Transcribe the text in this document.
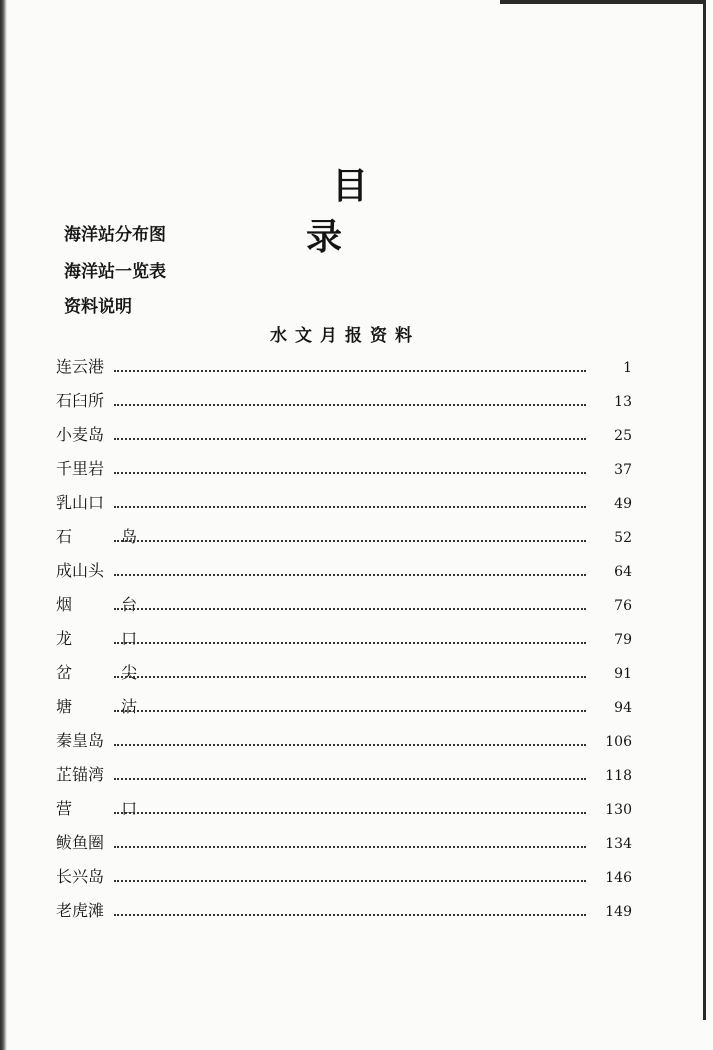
目　　录
海洋站分布图
海洋站一览表
资料说明
水文月报资料
连云港	1
石臼所	13
小麦岛	25
千里岩	37
乳山口	49
石 岛	52
成山头	64
烟 台	76
龙 口	79
岔 尖	91
塘 沽	94
秦皇岛	106
芷锚湾	118
营 口	130
鲅鱼圈	134
长兴岛	146
老虎滩	149
